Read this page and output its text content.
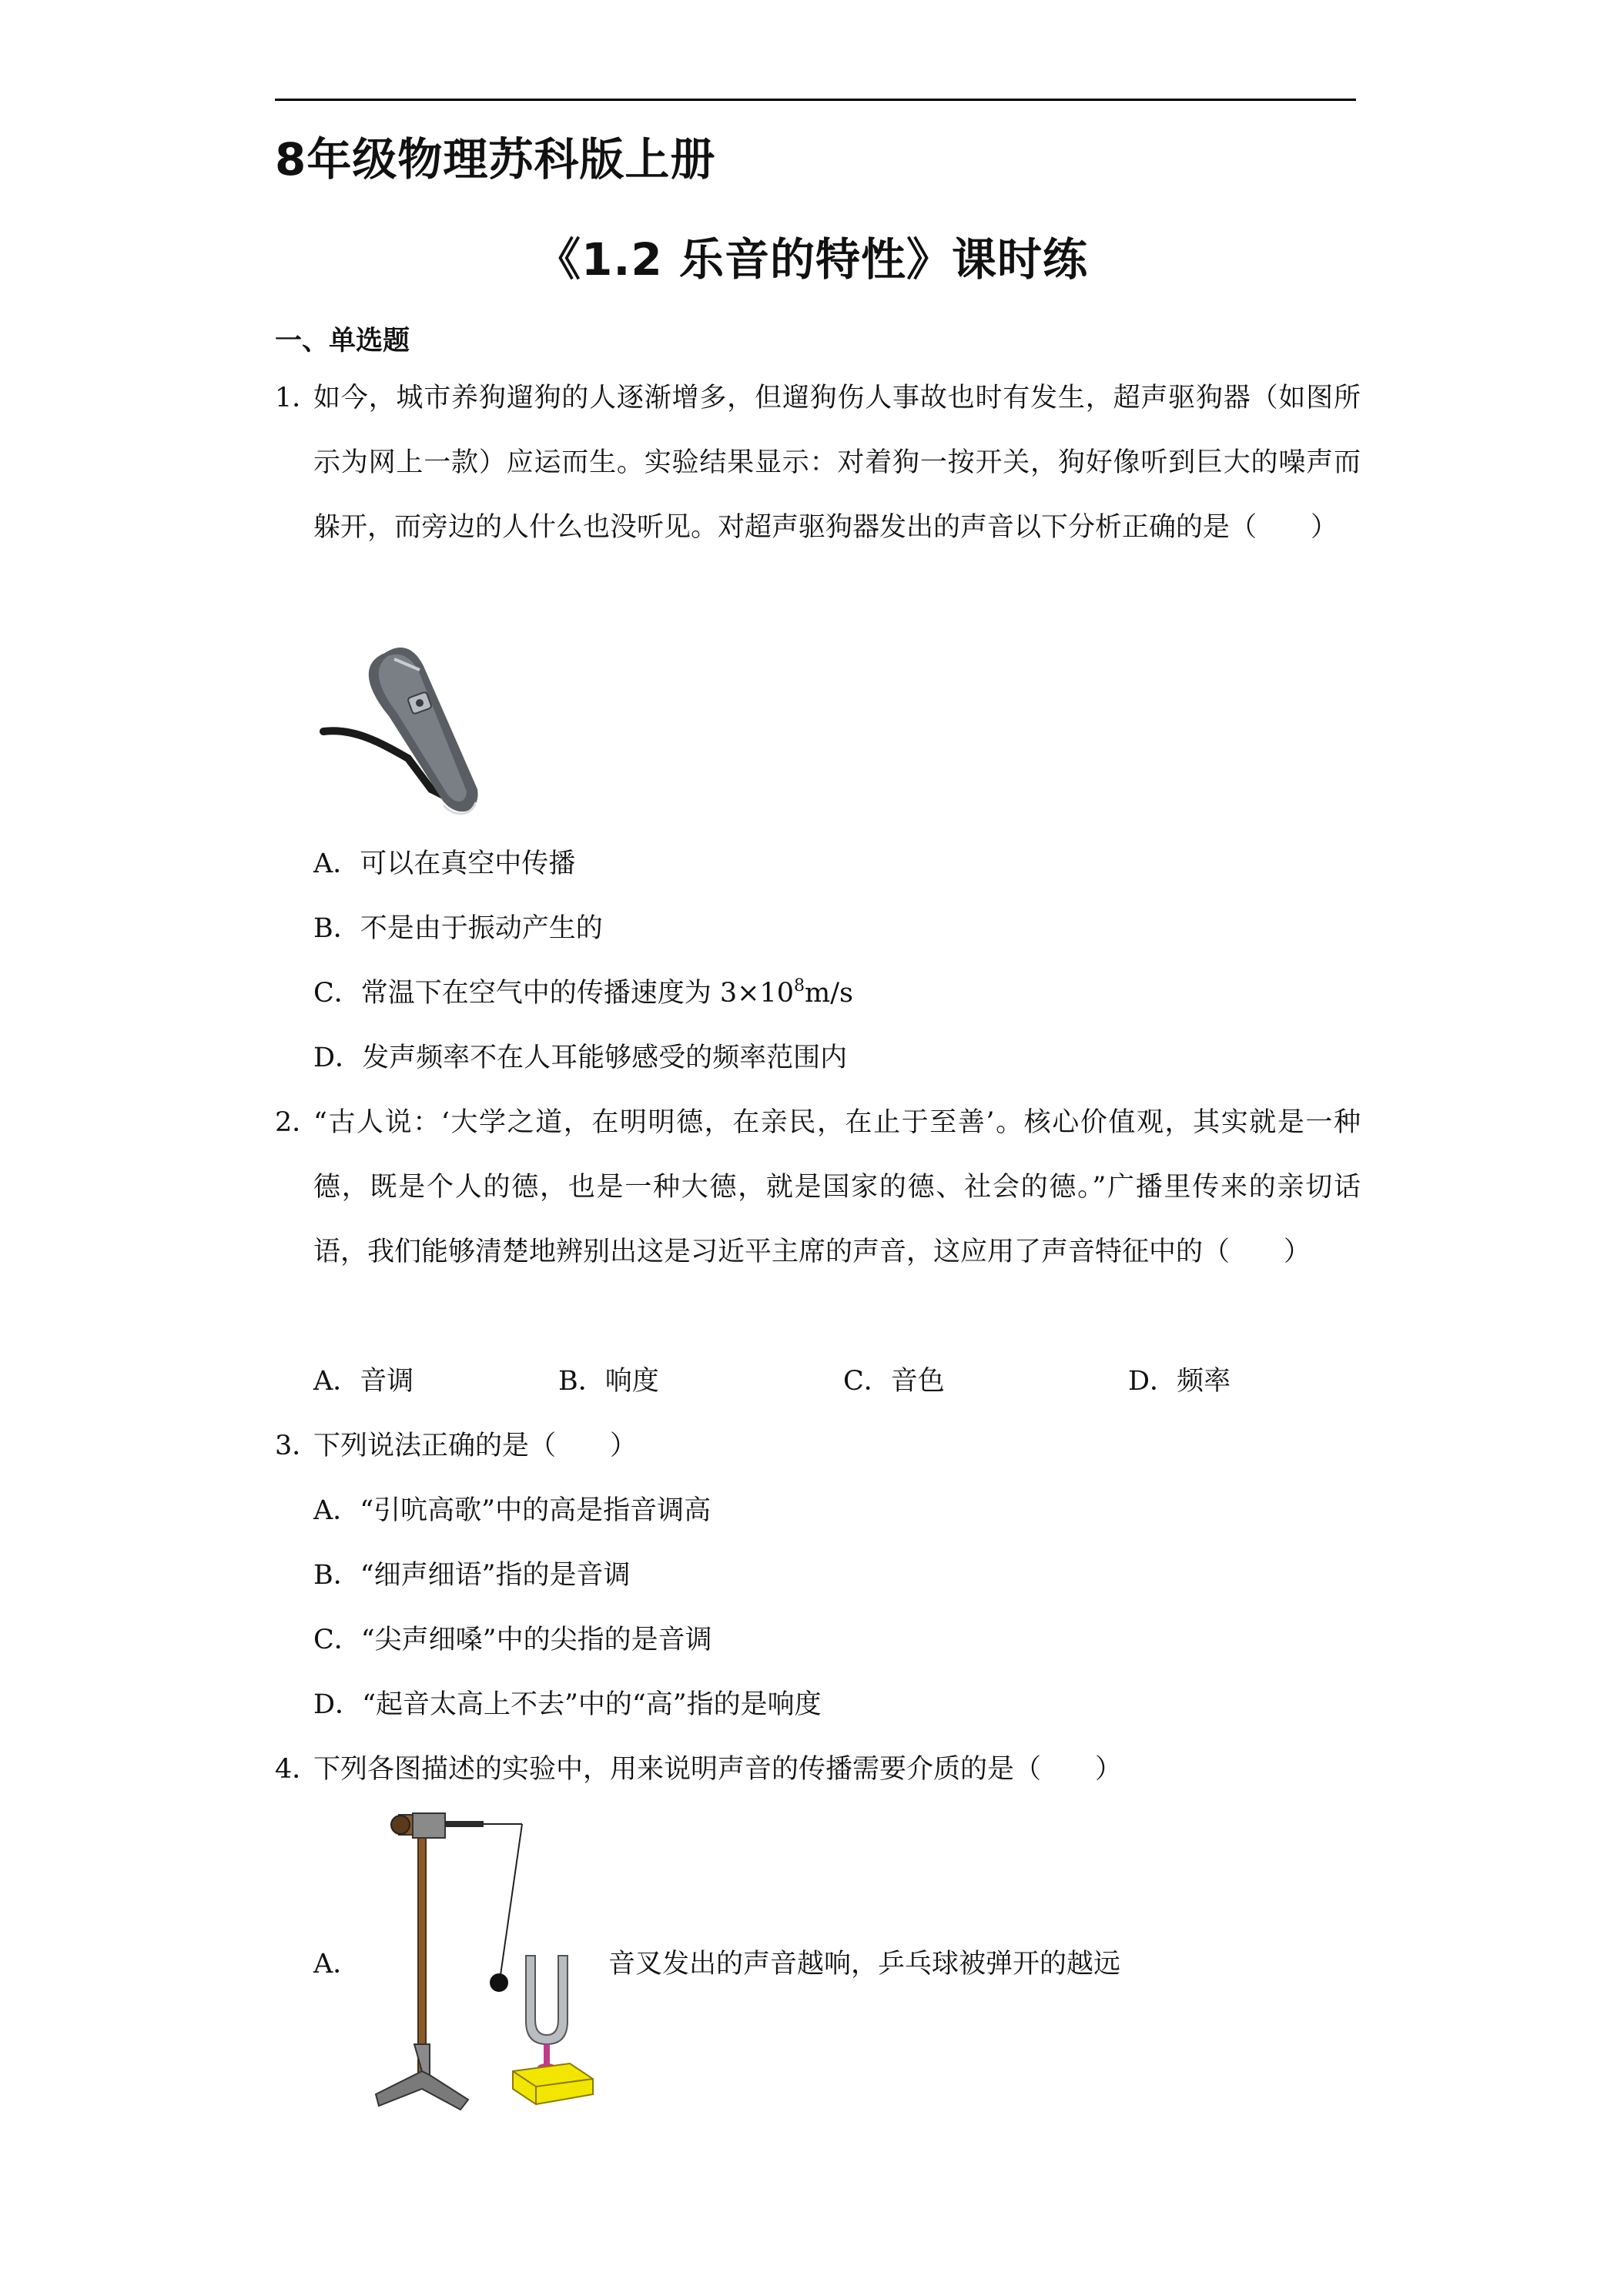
8年级物理苏科版上册
《1.2 乐音的特性》课时练
一、单选题
1．
如今，城市养狗遛狗的人逐渐增多，但遛狗伤人事故也时有发生，超声驱狗器（如图所示为网上一款）应运而生。实验结果显示：对着狗一按开关，狗好像听到巨大的噪声而躲开，而旁边的人什么也没听见。对超声驱狗器发出的声音以下分析正确的是（　　）
A．可以在真空中传播
B．不是由于振动产生的
C．常温下在空气中的传播速度为 $3\times 10^8m/s$
D．发声频率不在人耳能够感受的频率范围内
2．
“古人说：‘大学之道，在明明德，在亲民，在止于至善’。核心价值观，其实就是一种德，既是个人的德，也是一种大德，就是国家的德、社会的德。”广播里传来的亲切话语，我们能够清楚地辨别出这是习近平主席的声音，这应用了声音特征中的（　　）
A．音调	B．响度	C．音色	D．频率
3．
下列说法正确的是（　　）
A．“引吭高歌”中的高是指音调高
B．“细声细语”指的是音调
C．“尖声细嗓”中的尖指的是音调
D．“起音太高上不去”中的“高”指的是响度
4．
下列各图描述的实验中，用来说明声音的传播需要介质的是（　　）
A．	音叉发出的声音越响，乒乓球被弹开的越远
